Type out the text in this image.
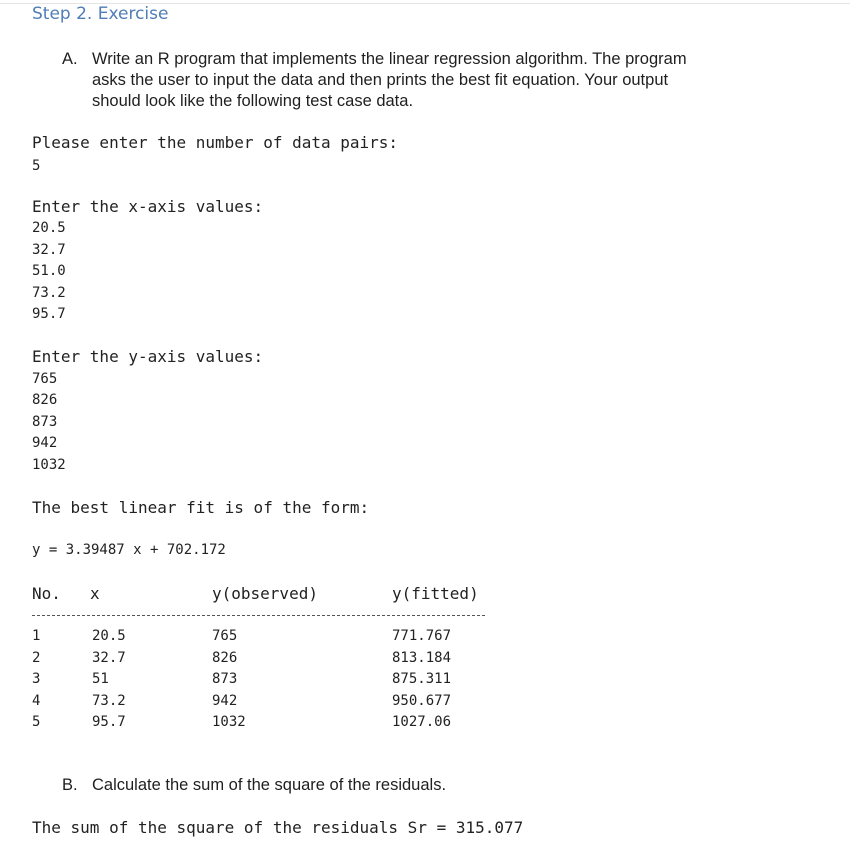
Step 2. Exercise
A. Write an R program that implements the linear regression algorithm. The program
asks the user to input the data and then prints the best fit equation. Your output
should look like the following test case data.
Please enter the number of data pairs:
5
Enter the x-axis values:
20.5
32.7
51.0
73.2
95.7
Enter the y-axis values:
765
826
873
942
1032
The best linear fit is of the form:
y = 3.39487 x + 702.172
No. x	y(observed)	y(fitted)
1	20.5	765	771.767
2	32.7	826	813.184
3	51	873	875.311
4	73.2	942	950.677
5	95.7	1032	1027.06
B. Calculate the sum of the square of the residuals.
The sum of the square of the residuals Sr = 315.077
